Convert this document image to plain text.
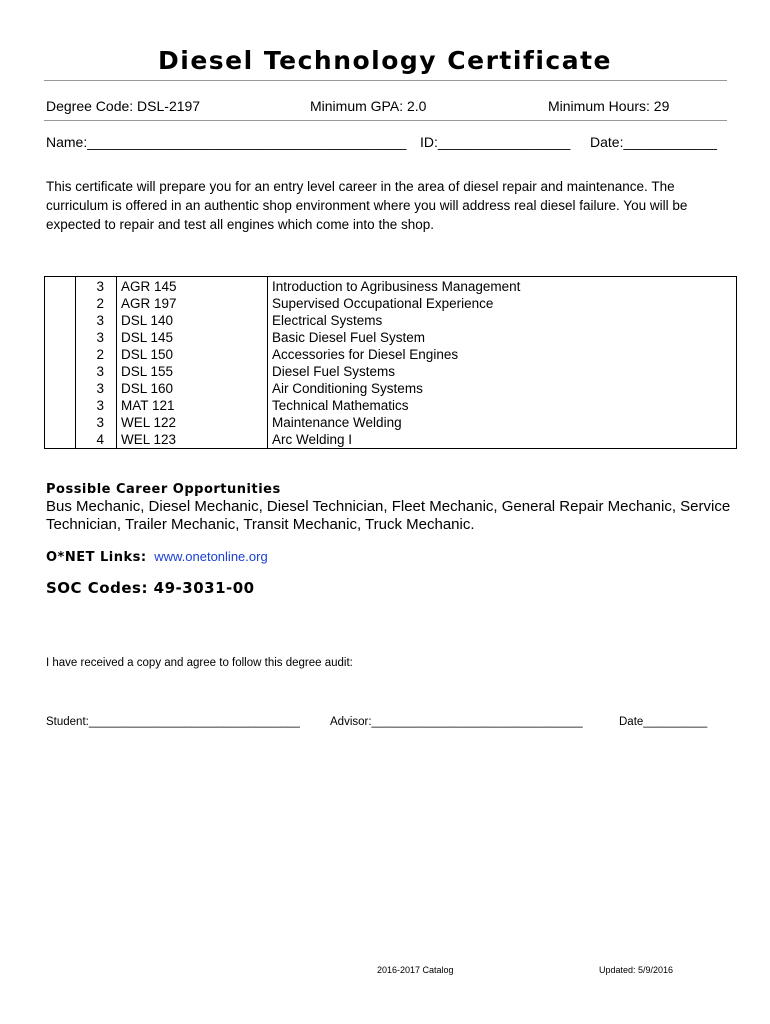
Diesel Technology Certificate
Degree Code: DSL-2197	Minimum GPA: 2.0	Minimum Hours: 29
Name:_________________________________________ ID:_________________ Date:____________
This certificate will prepare you for an entry level career in the area of diesel repair and maintenance. The curriculum is offered in an authentic shop environment where you will address real diesel failure. You will be expected to repair and test all engines which come into the shop.
	3	AGR 145	Introduction to Agribusiness Management
	2	AGR 197	Supervised Occupational Experience
	3	DSL 140	Electrical Systems
	3	DSL 145	Basic Diesel Fuel System
	2	DSL 150	Accessories for Diesel Engines
	3	DSL 155	Diesel Fuel Systems
	3	DSL 160	Air Conditioning Systems
	3	MAT 121	Technical Mathematics
	3	WEL 122	Maintenance Welding
	4	WEL 123	Arc Welding I
Possible Career Opportunities
Bus Mechanic, Diesel Mechanic, Diesel Technician, Fleet Mechanic, General Repair Mechanic, Service Technician, Trailer Mechanic, Transit Mechanic, Truck Mechanic.
O*NET Links: www.onetonline.org
SOC Codes: 49-3031-00
I have received a copy and agree to follow this degree audit:
Student:_________________________________	Advisor:_________________________________	Date__________
2016-2017 Catalog	Updated: 5/9/2016
